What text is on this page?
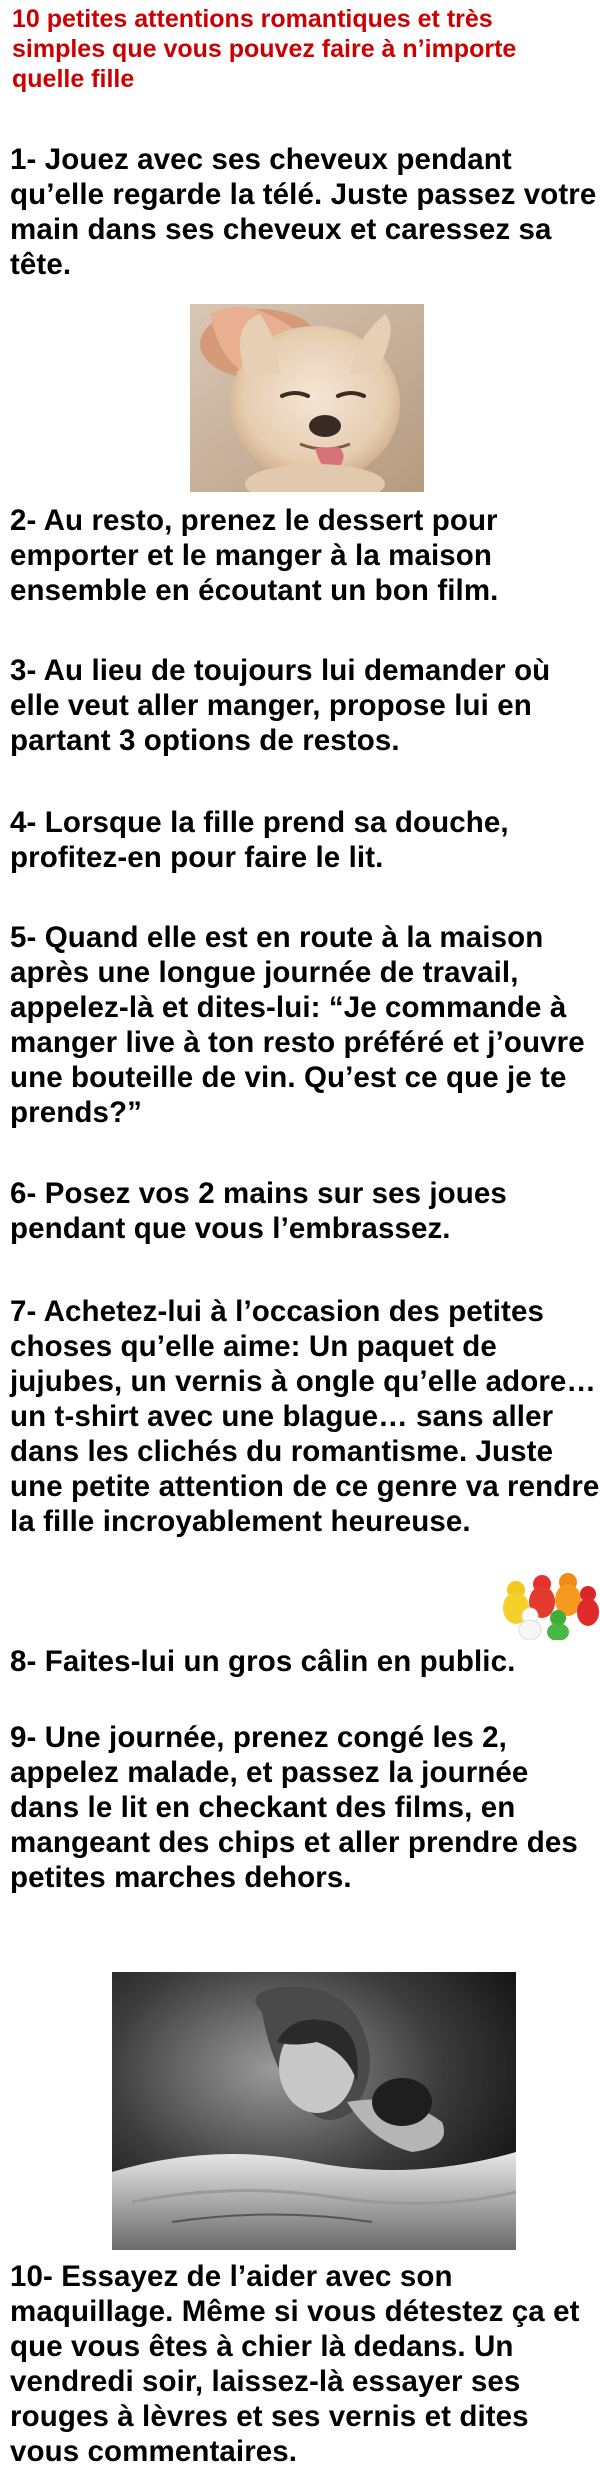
10 petites attentions romantiques et très simples que vous pouvez faire à n’importe quelle fille

1- Jouez avec ses cheveux pendant qu’elle regarde la télé. Juste passez votre main dans ses cheveux et caressez sa tête.

2- Au resto, prenez le dessert pour emporter et le manger à la maison ensemble en écoutant un bon film.

3- Au lieu de toujours lui demander où elle veut aller manger, propose lui en partant 3 options de restos.

4- Lorsque la fille prend sa douche, profitez-en pour faire le lit.

5- Quand elle est en route à la maison après une longue journée de travail, appelez-là et dites-lui: “Je commande à manger live à ton resto préféré et j’ouvre une bouteille de vin. Qu’est ce que je te prends?”

6- Posez vos 2 mains sur ses joues pendant que vous l’embrassez.

7- Achetez-lui à l’occasion des petites choses qu’elle aime: Un paquet de jujubes, un vernis à ongle qu’elle adore… un t-shirt avec une blague… sans aller dans les clichés du romantisme. Juste une petite attention de ce genre va rendre la fille incroyablement heureuse.

8- Faites-lui un gros câlin en public.

9- Une journée, prenez congé les 2, appelez malade, et passez la journée dans le lit en checkant des films, en mangeant des chips et aller prendre des petites marches dehors.

10- Essayez de l’aider avec son maquillage. Même si vous détestez ça et que vous êtes à chier là dedans. Un vendredi soir, laissez-là essayer ses rouges à lèvres et ses vernis et dites vous commentaires.
